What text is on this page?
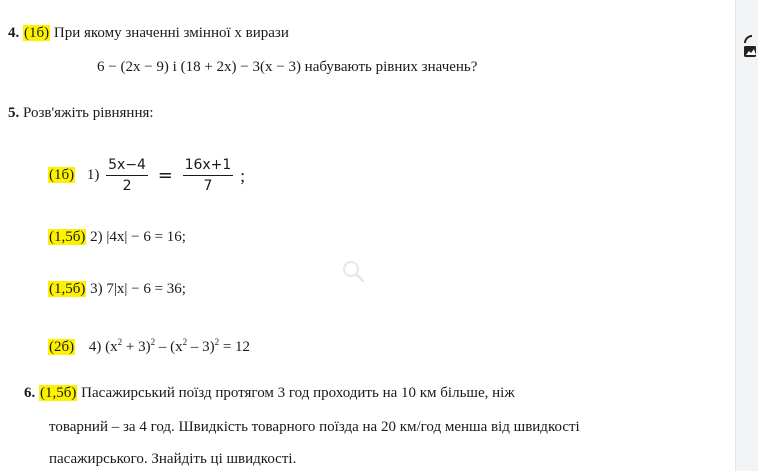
4. (1б) При якому значенні змінної х вирази
6 − (2х − 9) і (18 + 2х) − 3(х − 3) набувають рівних значень?
5. Розв'яжіть рівняння:
(1б) $1) \frac{5x-4}{2} = \frac{16x+1}{7}$ ;
(1,5б) 2) |4x| − 6 = 16;
(1,5б) 3) 7|x| − 6 = 36;
(2б) 4) $(x^2 + 3)^2 - (x^2 - 3)^2 = 12$
6. (1,5б) Пасажирський поїзд протягом 3 год проходить на 10 км більше, ніж
товарний – за 4 год. Швидкість товарного поїзда на 20 км/год менша від швидкості
пасажирського. Знайдіть ці швидкості.
